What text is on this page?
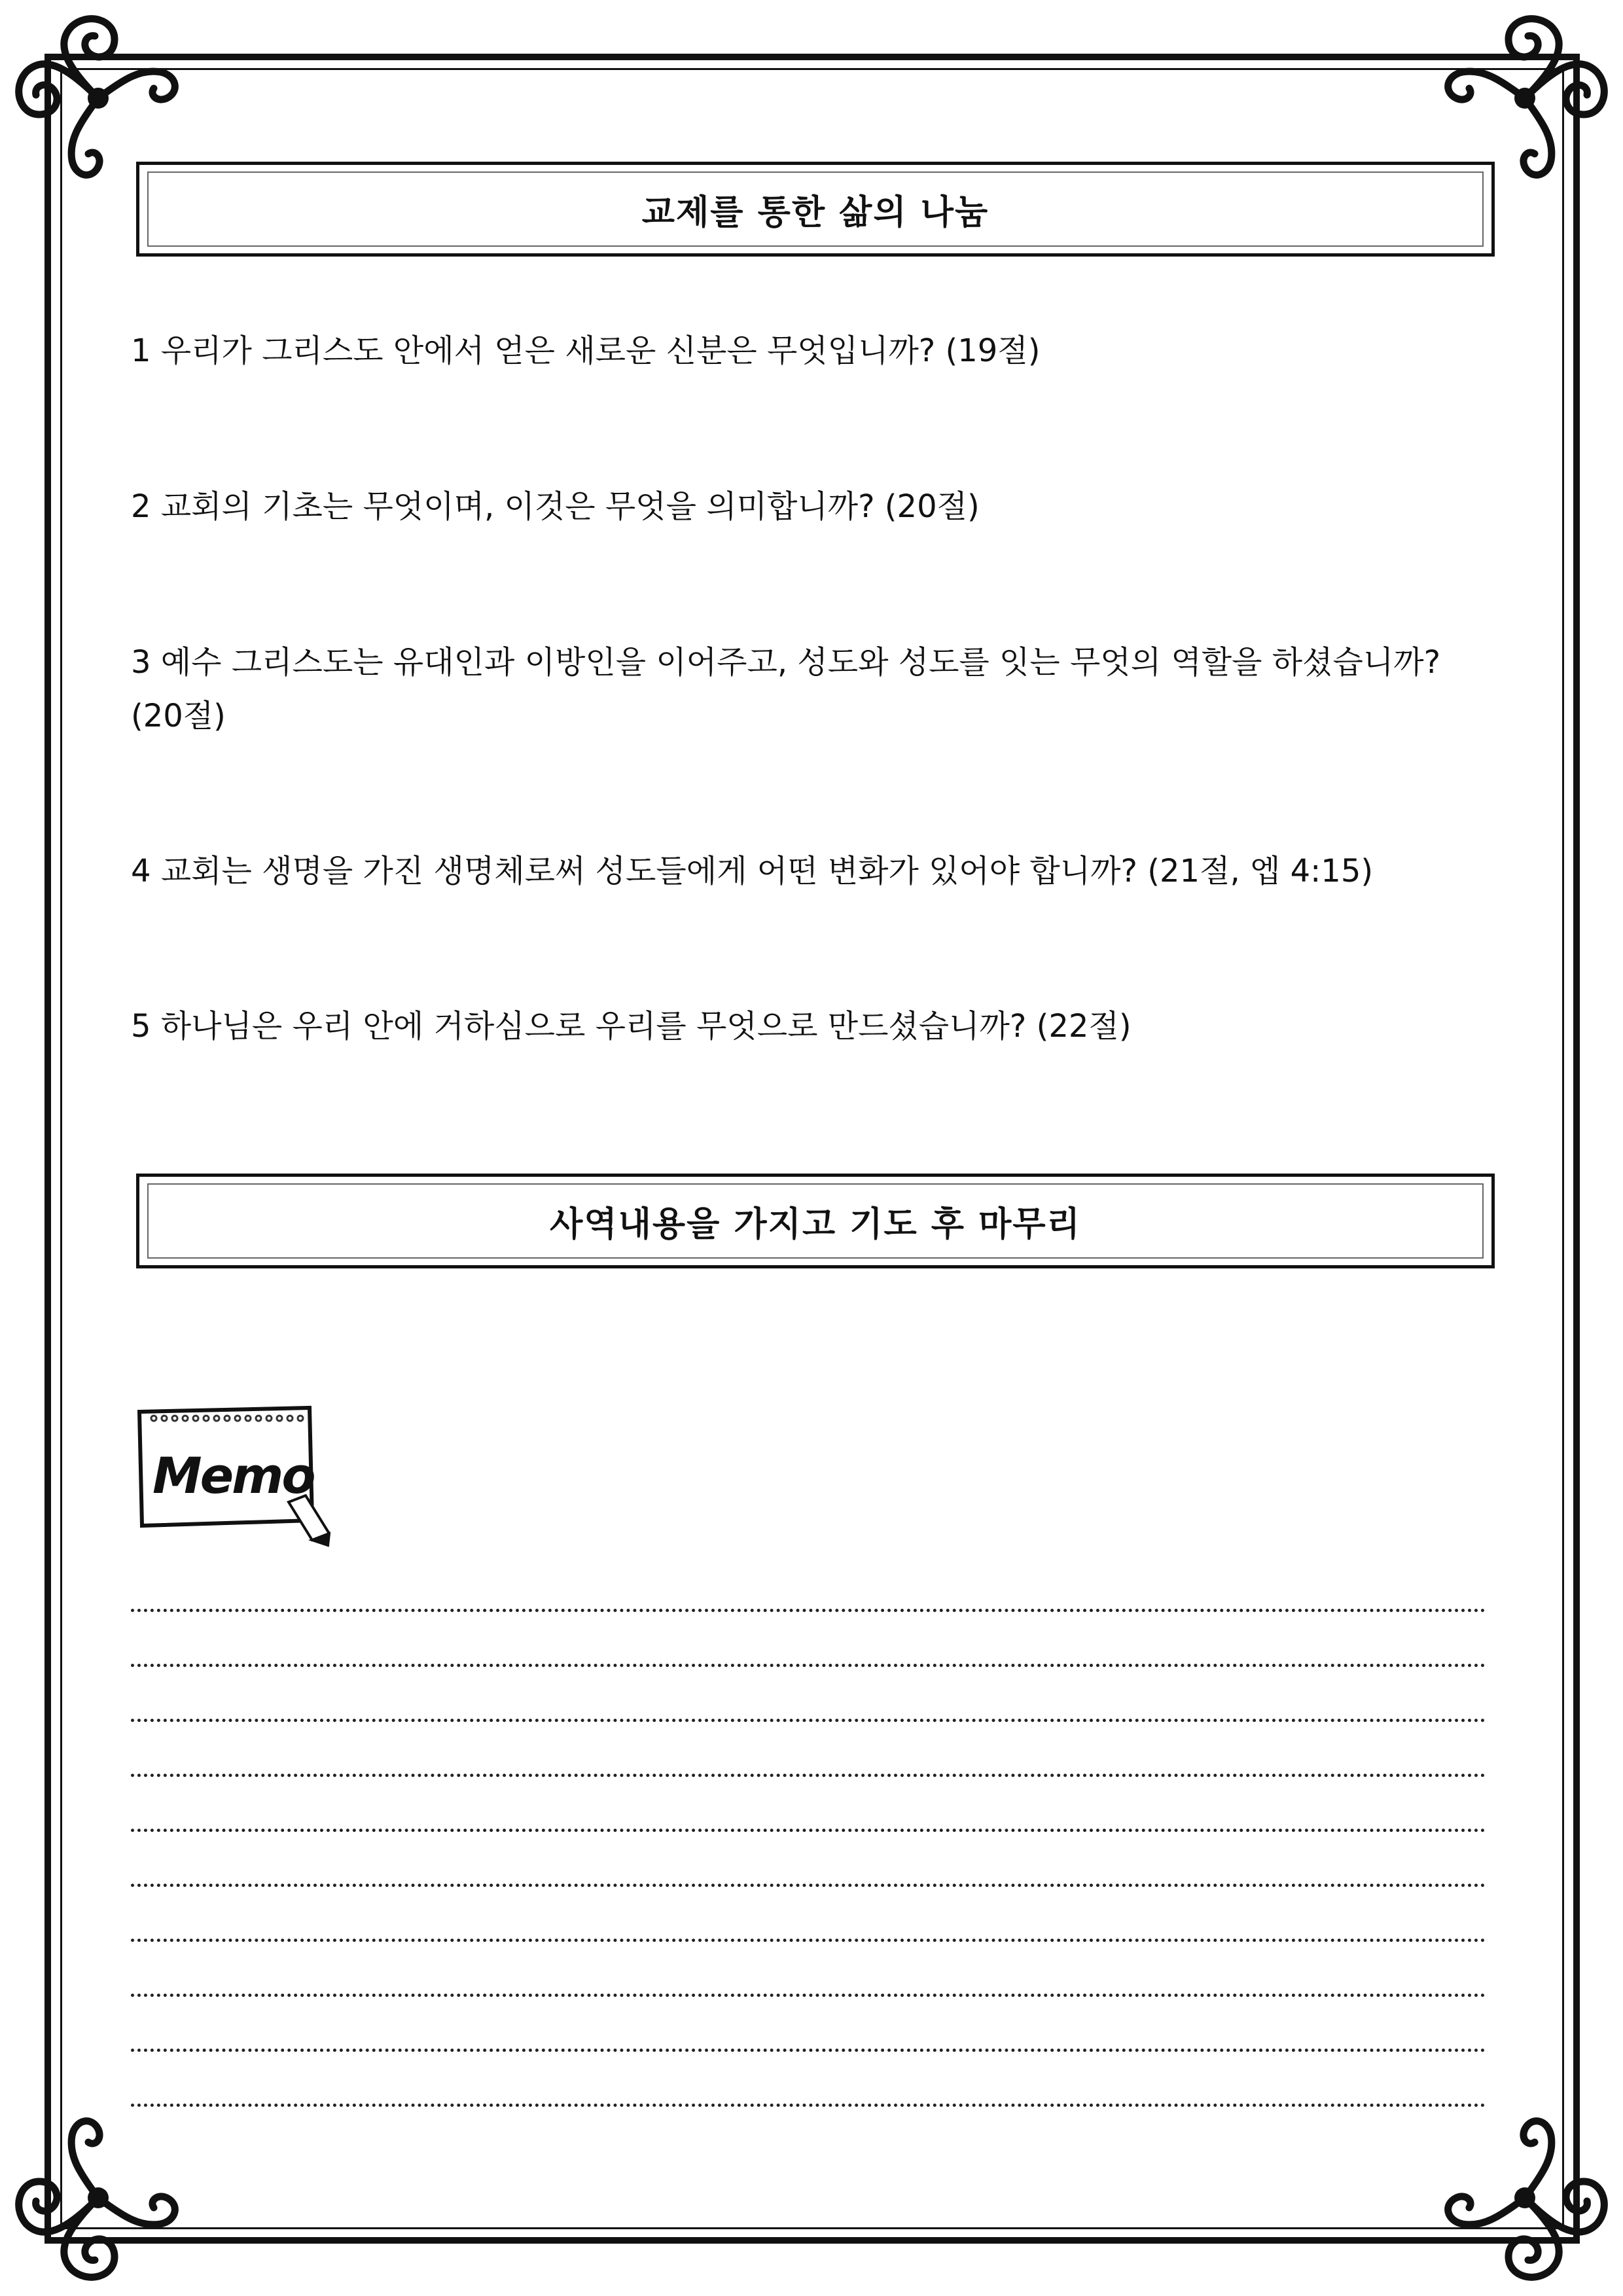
교제를 통한 삶의 나눔

1 우리가 그리스도 안에서 얻은 새로운 신분은 무엇입니까? (19절)

2 교회의 기초는 무엇이며, 이것은 무엇을 의미합니까? (20절)

3 예수 그리스도는 유대인과 이방인을 이어주고, 성도와 성도를 잇는 무엇의 역할을 하셨습니까? (20절)

4 교회는 생명을 가진 생명체로써 성도들에게 어떤 변화가 있어야 합니까? (21절, 엡 4:15)

5 하나님은 우리 안에 거하심으로 우리를 무엇으로 만드셨습니까? (22절)

사역내용을 가지고 기도 후 마무리
Memo
